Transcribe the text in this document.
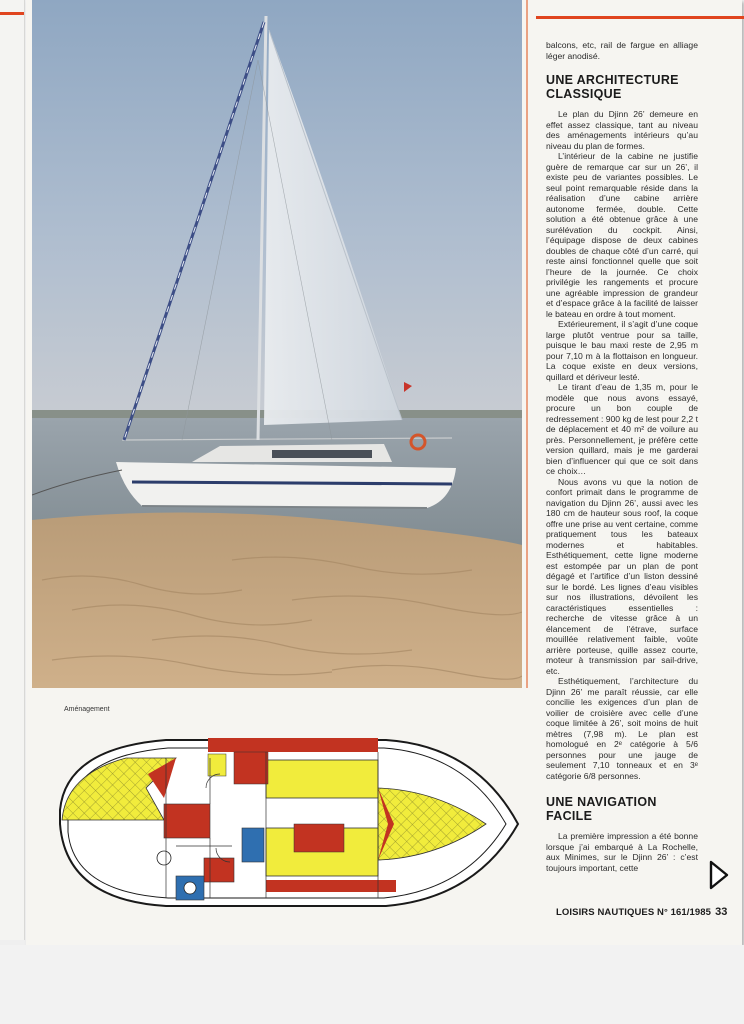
balcons, etc, rail de fargue en alliage léger anodisé.

UNE ARCHITECTURE CLASSIQUE

Le plan du Djinn 26’ demeure en effet assez classique, tant au niveau des aménagements intérieurs qu’au niveau du plan de formes.

L’intérieur de la cabine ne justifie guère de remarque car sur un 26’, il existe peu de variantes possibles. Le seul point remarquable réside dans la réalisation d’une cabine arrière autonome fermée, double. Cette solution a été obtenue grâce à une surélévation du cockpit. Ainsi, l’équipage dispose de deux cabines doubles de chaque côté d’un carré, qui reste ainsi fonctionnel quelle que soit l’heure de la journée. Ce choix privilégie les rangements et procure une agréable impression de grandeur et d’espace grâce à la facilité de laisser le bateau en ordre à tout moment.

Extérieurement, il s’agit d’une coque large plutôt ventrue pour sa taille, puisque le bau maxi reste de 2,95 m pour 7,10 m à la flottaison en longueur. La coque existe en deux versions, quillard et dériveur lesté.

Le tirant d’eau de 1,35 m, pour le modèle que nous avons essayé, procure un bon couple de redressement : 900 kg de lest pour 2,2 t de déplacement et 40 m² de voilure au près. Personnellement, je préfère cette version quillard, mais je me garderai bien d’influencer qui que ce soit dans ce choix…

Nous avons vu que la notion de confort primait dans le programme de navigation du Djinn 26’, aussi avec les 180 cm de hauteur sous roof, la coque offre une prise au vent certaine, comme pratiquement tous les bateaux modernes et habitables. Esthétiquement, cette ligne moderne est estompée par un plan de pont dégagé et l’artifice d’un liston dessiné sur le bordé. Les lignes d’eau visibles sur nos illustrations, dévoilent les caractéristiques essentielles : recherche de vitesse grâce à un élancement de l’étrave, surface mouillée relativement faible, voûte arrière porteuse, quille assez courte, moteur à transmission par sail-drive, etc.

Esthétiquement, l’architecture du Djinn 26’ me paraît réussie, car elle concilie les exigences d’un plan de voilier de croisière avec celle d’une coque limitée à 26’, soit moins de huit mètres (7,98 m). Le plan est homologué en 2ᵉ catégorie à 5/6 personnes pour une jauge de seulement 7,10 tonneaux et en 3ᵉ catégorie 6/8 personnes.

UNE NAVIGATION FACILE

La première impression a été bonne lorsque j’ai embarqué à La Rochelle, aux Minimes, sur le Djinn 26’ : c’est toujours important, cette

Aménagement
LOISIRS NAUTIQUES N° 161/1985 33
